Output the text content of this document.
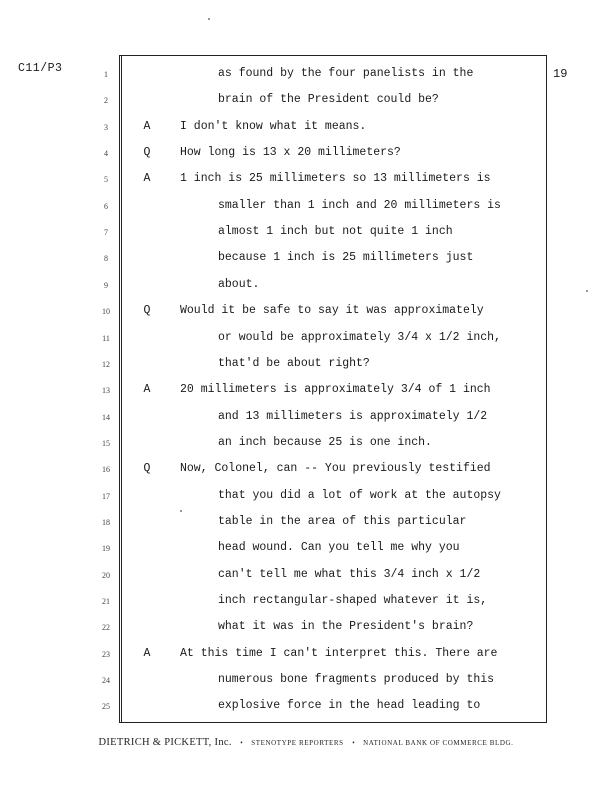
C11/P3	19
1	as found by the four panelists in the
2	brain of the President could be?
3	A	I don't know what it means.
4	Q	How long is 13 x 20 millimeters?
5	A	1 inch is 25 millimeters so 13 millimeters is
6	smaller than 1 inch and 20 millimeters is
7	almost 1 inch but not quite 1 inch
8	because 1 inch is 25 millimeters just
9	about.
10	Q	Would it be safe to say it was approximately
11	or would be approximately 3/4 x 1/2 inch,
12	that'd be about right?
13	A	20 millimeters is approximately 3/4 of 1 inch
14	and 13 millimeters is approximately 1/2
15	an inch because 25 is one inch.
16	Q	Now, Colonel, can -- You previously testified
17	that you did a lot of work at the autopsy
18	table in the area of this particular
19	head wound. Can you tell me why you
20	can't tell me what this 3/4 inch x 1/2
21	inch rectangular-shaped whatever it is,
22	what it was in the President's brain?
23	A	At this time I can't interpret this. There are
24	numerous bone fragments produced by this
25	explosive force in the head leading to
DIETRICH & PICKETT, Inc. • STENOTYPE REPORTERS • NATIONAL BANK OF COMMERCE BLDG.
